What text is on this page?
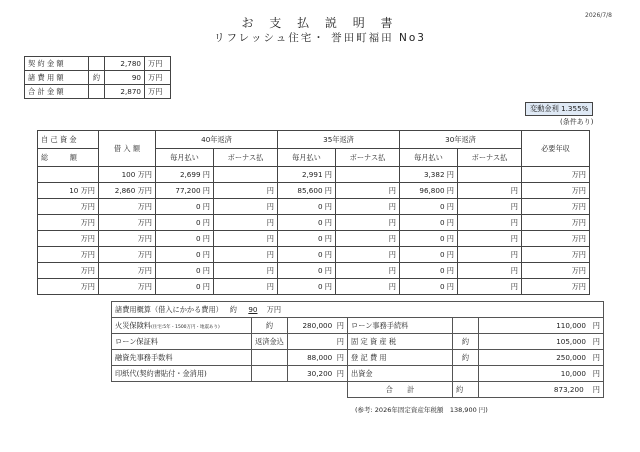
2026/7/8
お 支 払 説 明 書
リフレッシュ住宅・ 誉田町福田 No3
契 約 金 額		2,780	万円
諸 費 用 額	約	90	万円
合 計 金 額		2,870	万円
変動金利 1.355%
(条件あり)
自 己 資 金	借 入 額	40年返済		35年返済		30年返済		必要年収
総　　　額		毎月払い	ボーナス払	毎月払い	ボーナス払	毎月払い	ボーナス払	
	100 万円	2,699 円		2,991 円		3,382 円		万円
10 万円	2,860 万円	77,200 円	円	85,600 円	円	96,800 円	円	万円
万円	万円	0 円	円	0 円	円	0 円	円	万円
万円	万円	0 円	円	0 円	円	0 円	円	万円
万円	万円	0 円	円	0 円	円	0 円	円	万円
万円	万円	0 円	円	0 円	円	0 円	円	万円
万円	万円	0 円	円	0 円	円	0 円	円	万円
万円	万円	0 円	円	0 円	円	0 円	円	万円
諸費用概算（借入にかかる費用） 約 90 万円					
火災保険料(住宅:5年・1500万円・地震あり)	約	280,000 円	ローン事務手続料		110,000 円
ローン保証料	返済金込	円	固 定 資 産 税	約	105,000 円
融資先事務手数料		88,000 円	登 記 費 用	約	250,000 円
印紙代(契約書貼付・金消用)		30,200 円	出資金		10,000 円
			合　　計	約	873,200 円
(参考: 2026年固定資産年税額　138,900 円)
